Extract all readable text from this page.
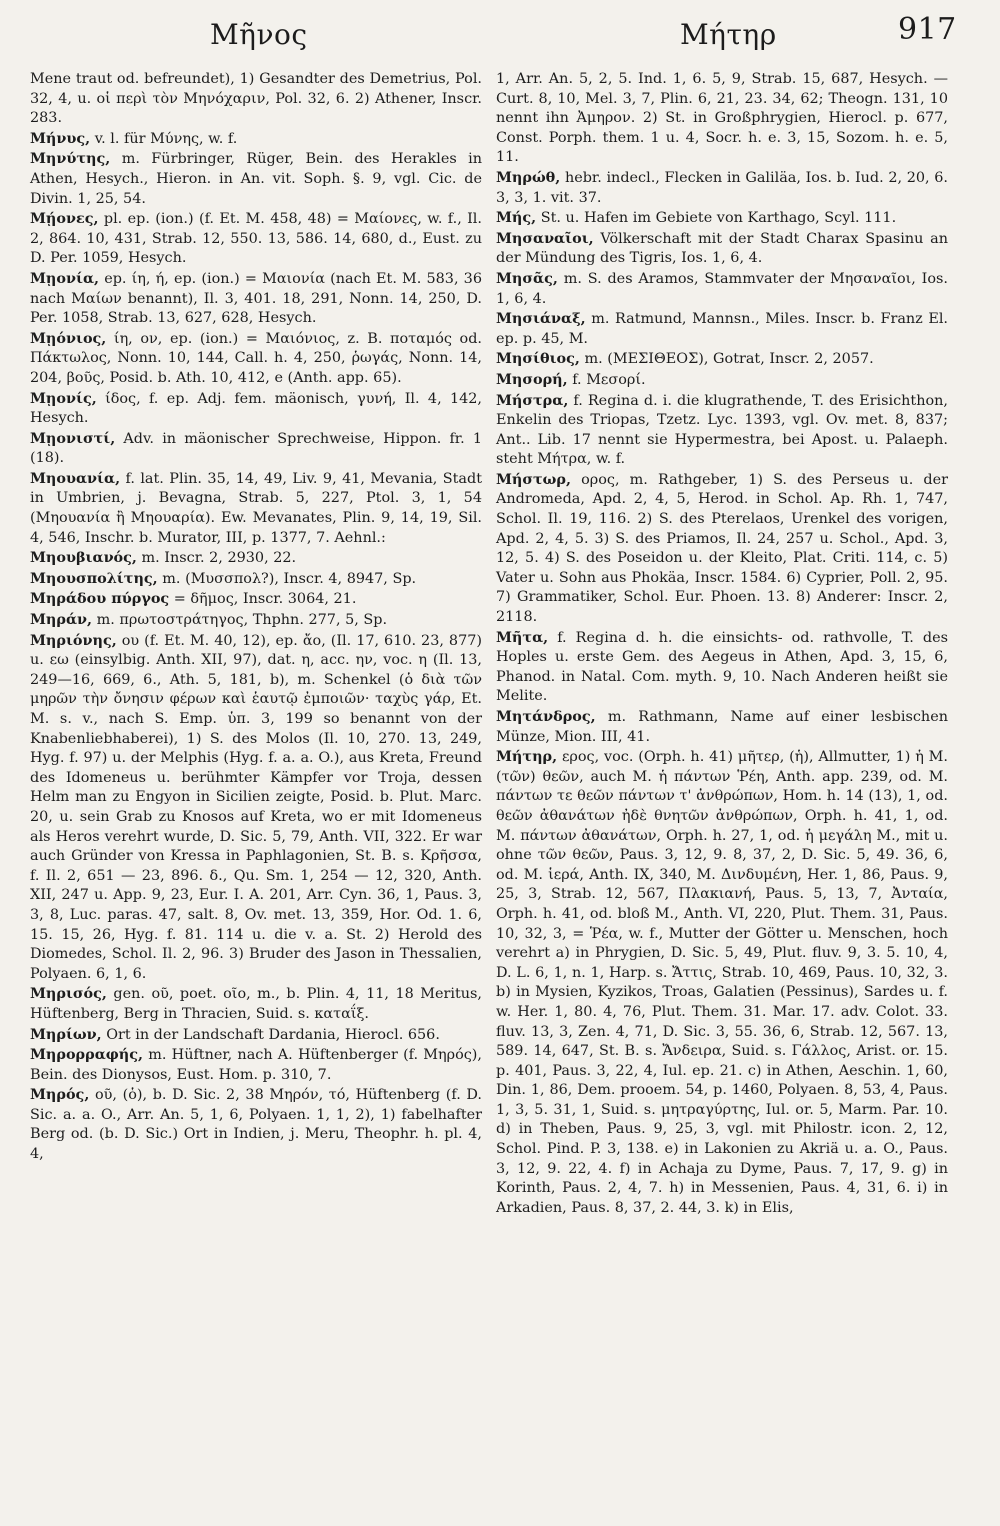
Μῆνος	Μήτηρ	917
Mene traut od. befreundet), 1) Gesandter des Demetrius, Pol. 32, 4, u. οἱ περὶ τὸν Μηνόχαριν, Pol. 32, 6. 2) Athener, Inscr. 283.
Μήνυς, v. l. für Μύνης, w. f.
Μηνύτης, m. Fürbringer, Rüger, Bein. des Herakles in Athen, Hesych., Hieron. in An. vit. Soph. §. 9, vgl. Cic. de Divin. 1, 25, 54.
Μῄονες, pl. ep. (ion.) (f. Et. M. 458, 48) = Μαίονες, w. f., Il. 2, 864. 10, 431, Strab. 12, 550. 13, 586. 14, 680, d., Eust. zu D. Per. 1059, Hesych.
Μῃονία, ep. ίη, ή, ep. (ion.) = Μαιονία (nach Et. M. 583, 36 nach Μαίων benannt), Il. 3, 401. 18, 291, Nonn. 14, 250, D. Per. 1058, Strab. 13, 627, 628, Hesych.
Μῃόνιος, ίη, ον, ep. (ion.) = Μαιόνιος, z. B. ποταμός od. Πάκτωλος, Nonn. 10, 144, Call. h. 4, 250, ῥωγάς, Nonn. 14, 204, βοῦς, Posid. b. Ath. 10, 412, e (Anth. app. 65).
Μῃονίς, ίδος, f. ep. Adj. fem. mäonisch, γυνή, Il. 4, 142, Hesych.
Μῃονιστί, Adv. in mäonischer Sprechweise, Hippon. fr. 1 (18).
Μηουανία, f. lat. Plin. 35, 14, 49, Liv. 9, 41, Mevania, Stadt in Umbrien, j. Bevagna, Strab. 5, 227, Ptol. 3, 1, 54 (Μηουανία ἢ Μηουαρία). Ew. Mevanates, Plin. 9, 14, 19, Sil. 4, 546, Inschr. b. Murator, III, p. 1377, 7. Aehnl.:
Μηουβιανός, m. Inscr. 2, 2930, 22.
Μηουσπολίτης, m. (Μυσσπολ?), Inscr. 4, 8947, Sp.
Μηράδου πύργος = δῆμος, Inscr. 3064, 21.
Μηράν, m. πρωτοστράτηγος, Thphn. 277, 5, Sp.
Μηριόνης, ου (f. Et. M. 40, 12), ep. ἄο, (Il. 17, 610. 23, 877) u. εω (einsylbig. Anth. XII, 97), dat. η, acc. ην, voc. η (Il. 13, 249—16, 669, 6., Ath. 5, 181, b), m. Schenkel (ὁ διὰ τῶν μηρῶν τὴν ὄνησιν φέρων καὶ ἑαυτῷ ἐμποιῶν· ταχὺς γάρ, Et. M. s. v., nach S. Emp. ὑπ. 3, 199 so benannt von der Knabenliebhaberei), 1) S. des Molos (Il. 10, 270. 13, 249, Hyg. f. 97) u. der Melphis (Hyg. f. a. a. O.), aus Kreta, Freund des Idomeneus u. berühmter Kämpfer vor Troja, dessen Helm man zu Engyon in Sicilien zeigte, Posid. b. Plut. Marc. 20, u. sein Grab zu Knosos auf Kreta, wo er mit Idomeneus als Heros verehrt wurde, D. Sic. 5, 79, Anth. VII, 322. Er war auch Gründer von Kressa in Paphlagonien, St. B. s. Κρῆσσα, f. Il. 2, 651 — 23, 896. δ., Qu. Sm. 1, 254 — 12, 320, Anth. XII, 247 u. App. 9, 23, Eur. I. A. 201, Arr. Cyn. 36, 1, Paus. 3, 3, 8, Luc. paras. 47, salt. 8, Ov. met. 13, 359, Hor. Od. 1. 6, 15. 15, 26, Hyg. f. 81. 114 u. die v. a. St. 2) Herold des Diomedes, Schol. Il. 2, 96. 3) Bruder des Jason in Thessalien, Polyaen. 6, 1, 6.
Μηρισός, gen. οῦ, poet. οῖο, m., b. Plin. 4, 11, 18 Meritus, Hüftenberg, Berg in Thracien, Suid. s. καταΐξ.
Μηρίων, Ort in der Landschaft Dardania, Hierocl. 656.
Μηρορραφής, m. Hüftner, nach A. Hüftenberger (f. Μηρός), Bein. des Dionysos, Eust. Hom. p. 310, 7.
Μηρός, οῦ, (ὁ), b. D. Sic. 2, 38 Μηρόν, τό, Hüftenberg (f. D. Sic. a. a. O., Arr. An. 5, 1, 6, Polyaen. 1, 1, 2), 1) fabelhafter Berg od. (b. D. Sic.) Ort in Indien, j. Meru, Theophr. h. pl. 4, 4,
1, Arr. An. 5, 2, 5. Ind. 1, 6. 5, 9, Strab. 15, 687, Hesych. — Curt. 8, 10, Mel. 3, 7, Plin. 6, 21, 23. 34, 62; Theogn. 131, 10 nennt ihn Ἀμηρον. 2) St. in Großphrygien, Hierocl. p. 677, Const. Porph. them. 1 u. 4, Socr. h. e. 3, 15, Sozom. h. e. 5, 11.
Μηρώθ, hebr. indecl., Flecken in Galiläa, Ios. b. Iud. 2, 20, 6. 3, 3, 1. vit. 37.
Μής, St. u. Hafen im Gebiete von Karthago, Scyl. 111.
Μησαναῖοι, Völkerschaft mit der Stadt Charax Spasinu an der Mündung des Tigris, Ios. 1, 6, 4.
Μησᾶς, m. S. des Aramos, Stammvater der Μησαναῖοι, Ios. 1, 6, 4.
Μησιάναξ, m. Ratmund, Mannsn., Miles. Inscr. b. Franz El. ep. p. 45, M.
Μησίθιος, m. (ΜΕΣΙΘΕΟΣ), Gotrat, Inscr. 2, 2057.
Μησορή, f. Μεσορί.
Μήστρα, f. Regina d. i. die klugrathende, T. des Erisichthon, Enkelin des Triopas, Tzetz. Lyc. 1393, vgl. Ov. met. 8, 837; Ant.. Lib. 17 nennt sie Hypermestra, bei Apost. u. Palaeph. steht Μήτρα, w. f.
Μήστωρ, ορος, m. Rathgeber, 1) S. des Perseus u. der Andromeda, Apd. 2, 4, 5, Herod. in Schol. Ap. Rh. 1, 747, Schol. Il. 19, 116. 2) S. des Pterelaos, Urenkel des vorigen, Apd. 2, 4, 5. 3) S. des Priamos, Il. 24, 257 u. Schol., Apd. 3, 12, 5. 4) S. des Poseidon u. der Kleito, Plat. Criti. 114, c. 5) Vater u. Sohn aus Phokäa, Inscr. 1584. 6) Cyprier, Poll. 2, 95. 7) Grammatiker, Schol. Eur. Phoen. 13. 8) Anderer: Inscr. 2, 2118.
Μῆτα, f. Regina d. h. die einsichts- od. rathvolle, T. des Hoples u. erste Gem. des Aegeus in Athen, Apd. 3, 15, 6, Phanod. in Natal. Com. myth. 9, 10. Nach Anderen heißt sie Melite.
Μητάνδρος, m. Rathmann, Name auf einer lesbischen Münze, Mion. III, 41.
Μήτηρ, ερος, voc. (Orph. h. 41) μῆτερ, (ἡ), Allmutter, 1) ἡ Μ. (τῶν) θεῶν, auch Μ. ἡ πάντων Ῥέη, Anth. app. 239, od. Μ. πάντων τε θεῶν πάντων τ' ἀνθρώπων, Hom. h. 14 (13), 1, od. θεῶν ἀθανάτων ἠδὲ θνητῶν ἀνθρώπων, Orph. h. 41, 1, od. Μ. πάντων ἀθανάτων, Orph. h. 27, 1, od. ἡ μεγάλη Μ., mit u. ohne τῶν θεῶν, Paus. 3, 12, 9. 8, 37, 2, D. Sic. 5, 49. 36, 6, od. Μ. ἱερά, Anth. IX, 340, Μ. Δινδυμένη, Her. 1, 86, Paus. 9, 25, 3, Strab. 12, 567, Πλακιανή, Paus. 5, 13, 7, Ἀνταία, Orph. h. 41, od. bloß Μ., Anth. VI, 220, Plut. Them. 31, Paus. 10, 32, 3, = Ῥέα, w. f., Mutter der Götter u. Menschen, hoch verehrt a) in Phrygien, D. Sic. 5, 49, Plut. fluv. 9, 3. 5. 10, 4, D. L. 6, 1, n. 1, Harp. s. Ἄττις, Strab. 10, 469, Paus. 10, 32, 3. b) in Mysien, Kyzikos, Troas, Galatien (Pessinus), Sardes u. f. w. Her. 1, 80. 4, 76, Plut. Them. 31. Mar. 17. adv. Colot. 33. fluv. 13, 3, Zen. 4, 71, D. Sic. 3, 55. 36, 6, Strab. 12, 567. 13, 589. 14, 647, St. B. s. Ἄνδειρα, Suid. s. Γάλλος, Arist. or. 15. p. 401, Paus. 3, 22, 4, Iul. ep. 21. c) in Athen, Aeschin. 1, 60, Din. 1, 86, Dem. prooem. 54, p. 1460, Polyaen. 8, 53, 4, Paus. 1, 3, 5. 31, 1, Suid. s. μητραγύρτης, Iul. or. 5, Marm. Par. 10. d) in Theben, Paus. 9, 25, 3, vgl. mit Philostr. icon. 2, 12, Schol. Pind. P. 3, 138. e) in Lakonien zu Akriä u. a. O., Paus. 3, 12, 9. 22, 4. f) in Achaja zu Dyme, Paus. 7, 17, 9. g) in Korinth, Paus. 2, 4, 7. h) in Messenien, Paus. 4, 31, 6. i) in Arkadien, Paus. 8, 37, 2. 44, 3. k) in Elis,
